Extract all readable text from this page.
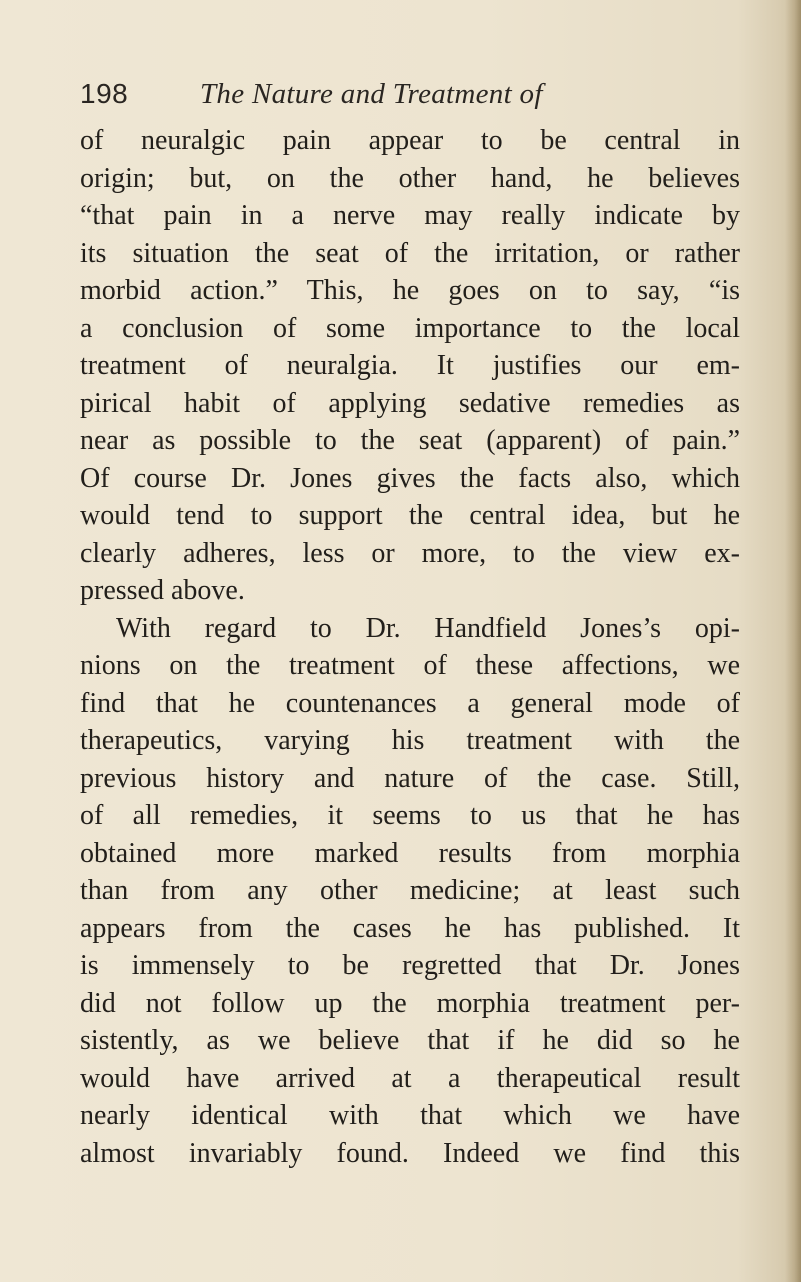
198 The Nature and Treatment of
of neuralgic pain appear to be central in
origin; but, on the other hand, he believes
“that pain in a nerve may really indicate by
its situation the seat of the irritation, or rather
morbid action.” This, he goes on to say, “is
a conclusion of some importance to the local
treatment of neuralgia. It justifies our em-
pirical habit of applying sedative remedies as
near as possible to the seat (apparent) of pain.”
Of course Dr. Jones gives the facts also, which
would tend to support the central idea, but he
clearly adheres, less or more, to the view ex-
pressed above.
With regard to Dr. Handfield Jones’s opi-
nions on the treatment of these affections, we
find that he countenances a general mode of
therapeutics, varying his treatment with the
previous history and nature of the case. Still,
of all remedies, it seems to us that he has
obtained more marked results from morphia
than from any other medicine; at least such
appears from the cases he has published. It
is immensely to be regretted that Dr. Jones
did not follow up the morphia treatment per-
sistently, as we believe that if he did so he
would have arrived at a therapeutical result
nearly identical with that which we have
almost invariably found. Indeed we find this
